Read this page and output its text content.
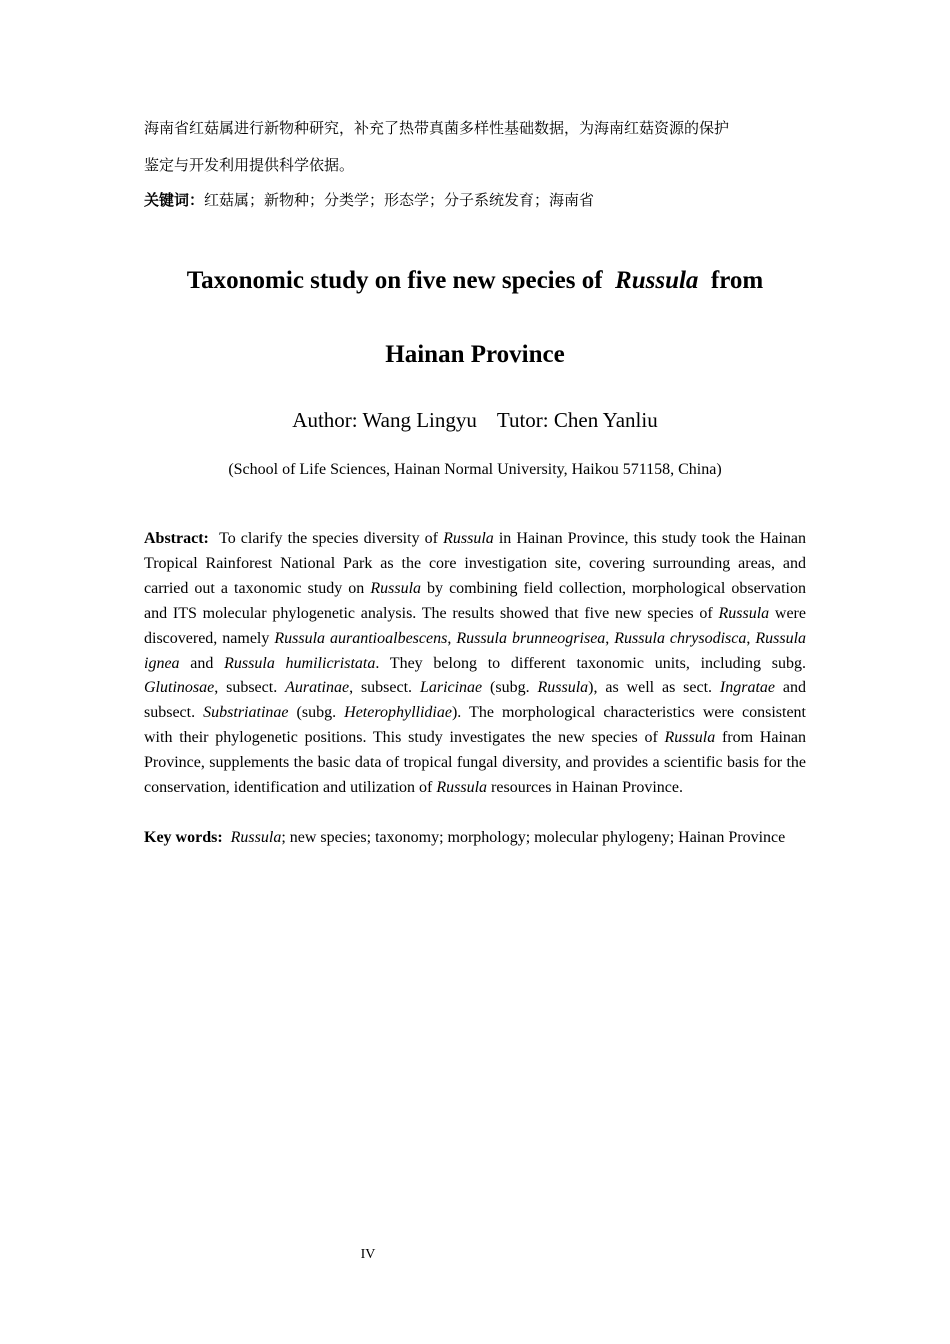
海南省红菇属进行新物种研究，补充了热带真菌多样性基础数据，为海南红菇资源的保护

鉴定与开发利用提供科学依据。

关键词：红菇属；新物种；分类学；形态学；分子系统发育；海南省

Taxonomic study on five new species of Russula from
Hainan Province

Author: Wang Lingyu Tutor: Chen Yanliu

(School of Life Sciences, Hainan Normal University, Haikou 571158, China)

Abstract: To clarify the species diversity of Russula in Hainan Province, this study took the Hainan Tropical Rainforest National Park as the core investigation site, covering surrounding areas, and carried out a taxonomic study on Russula by combining field collection, morphological observation and ITS molecular phylogenetic analysis. The results showed that five new species of Russula were discovered, namely Russula aurantioalbescens, Russula brunneogrisea, Russula chrysodisca, Russula ignea and Russula humilicristata. They belong to different taxonomic units, including subg. Glutinosae, subsect. Auratinae, subsect. Laricinae (subg. Russula), as well as sect. Ingratae and subsect. Substriatinae (subg. Heterophyllidiae). The morphological characteristics were consistent with their phylogenetic positions. This study investigates the new species of Russula from Hainan Province, supplements the basic data of tropical fungal diversity, and provides a scientific basis for the conservation, identification and utilization of Russula resources in Hainan Province.

Key words: Russula; new species; taxonomy; morphology; molecular phylogeny; Hainan Province

IV
